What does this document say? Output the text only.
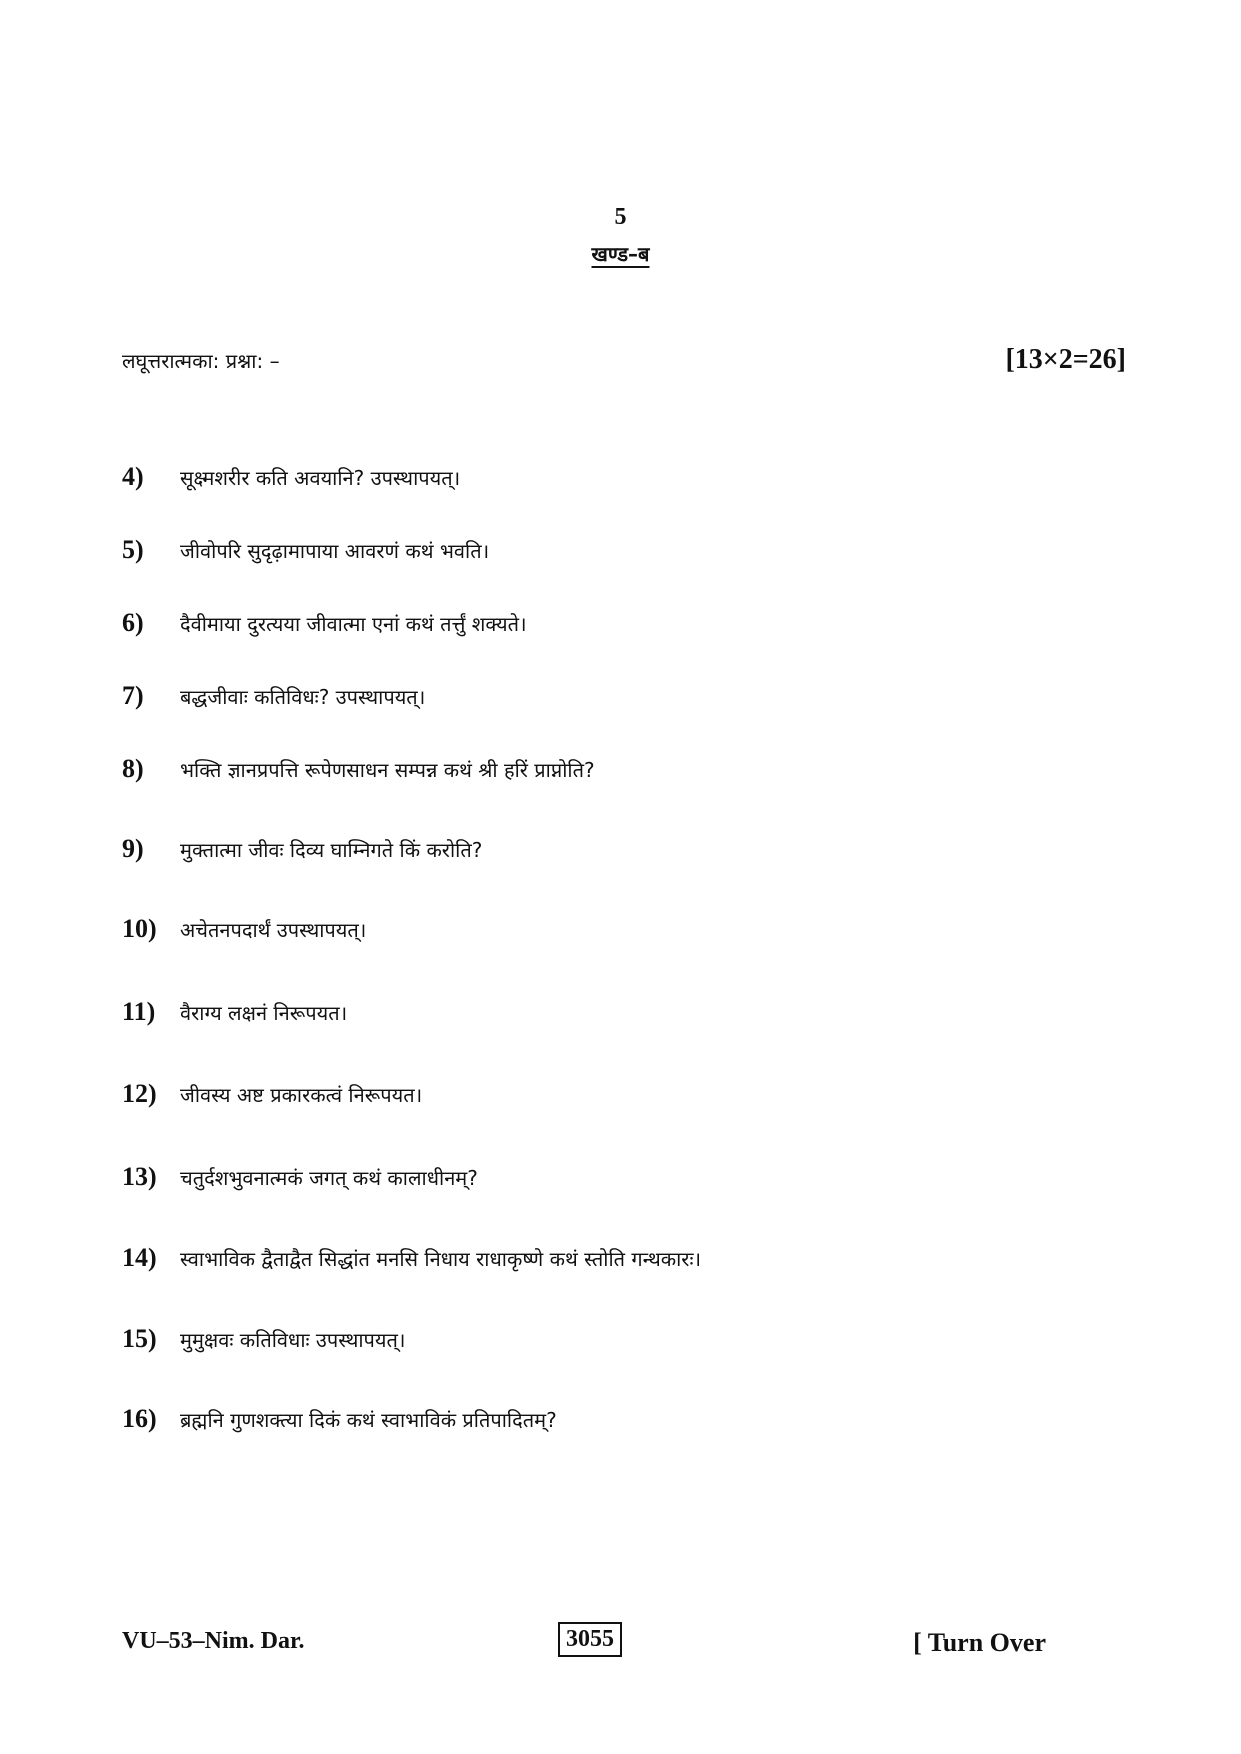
5
खण्ड–ब
लघूत्तरात्मका: प्रश्ना: –	[13×2=26]
4)	सूक्ष्मशरीर कति अवयानि? उपस्थापयत्।
5)	जीवोपरि सुदृढ़ामापाया आवरणं कथं भवति।
6)	दैवीमाया दुरत्यया जीवात्मा एनां कथं तर्त्तुं शक्यते।
7)	बद्धजीवाः कतिविधः? उपस्थापयत्।
8)	भक्ति ज्ञानप्रपत्ति रूपेणसाधन सम्पन्न कथं श्री हरिं प्राप्नोति?
9)	मुक्तात्मा जीवः दिव्य घाम्निगते किं करोति?
10)	अचेतनपदार्थं उपस्थापयत्।
11)	वैराग्य लक्षनं निरूपयत।
12)	जीवस्य अष्ट प्रकारकत्वं निरूपयत।
13)	चतुर्दशभुवनात्मकं जगत् कथं कालाधीनम्?
14)	स्वाभाविक द्वैताद्वैत सिद्धांत मनसि निधाय राधाकृष्णे कथं स्तोति गन्थकारः।
15)	मुमुक्षवः कतिविधाः उपस्थापयत्।
16)	ब्रह्मनि गुणशक्त्या दिकं कथं स्वाभाविकं प्रतिपादितम्?
VU–53–Nim. Dar.	3055	[ Turn Over
